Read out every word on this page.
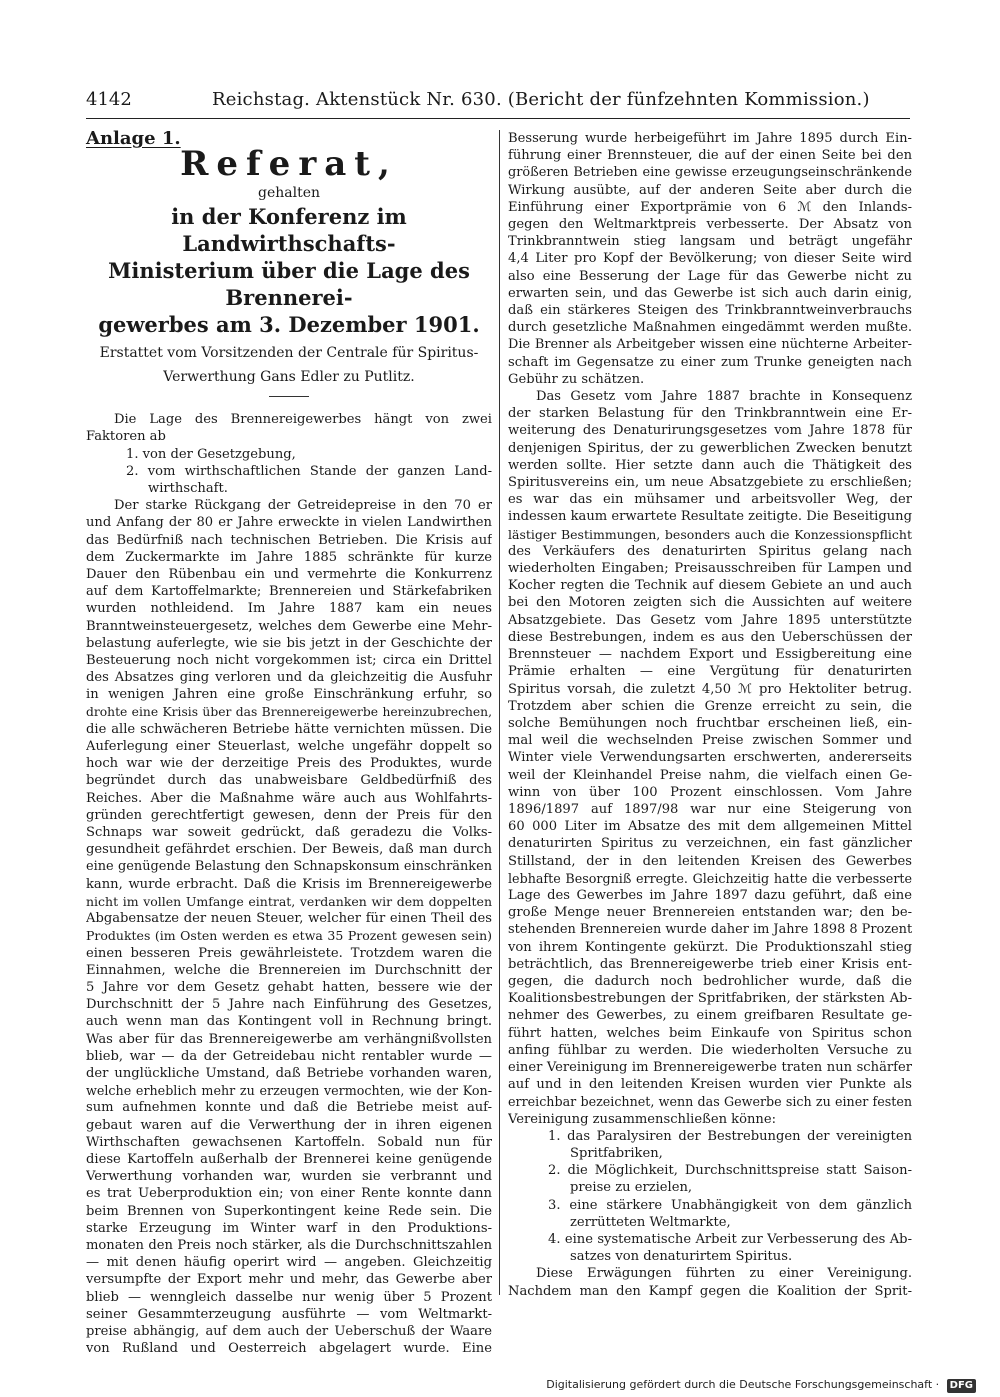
4142	Reichstag. Aktenstück Nr. 630. (Bericht der fünfzehnten Kommission.)
Anlage 1.
Referat,
gehalten
in der Konferenz im Landwirthschafts-
Ministerium über die Lage des Brennerei-
gewerbes am 3. Dezember 1901.
Erstattet vom Vorsitzenden der Centrale für Spiritus-
Verwerthung Gans Edler zu Putlitz.
Die Lage des Brennereigewerbes hängt von zwei
Faktoren ab
1. von der Gesetzgebung,
2. vom wirthschaftlichen Stande der ganzen Land-
wirthschaft.
Der starke Rückgang der Getreidepreise in den 70 er
und Anfang der 80 er Jahre erweckte in vielen Landwirthen
das Bedürfniß nach technischen Betrieben. Die Krisis auf
dem Zuckermarkte im Jahre 1885 schränkte für kurze
Dauer den Rübenbau ein und vermehrte die Konkurrenz
auf dem Kartoffelmarkte; Brennereien und Stärkefabriken
wurden nothleidend. Im Jahre 1887 kam ein neues
Branntweinsteuergesetz, welches dem Gewerbe eine Mehr-
belastung auferlegte, wie sie bis jetzt in der Geschichte der
Besteuerung noch nicht vorgekommen ist; circa ein Drittel
des Absatzes ging verloren und da gleichzeitig die Ausfuhr
in wenigen Jahren eine große Einschränkung erfuhr, so
drohte eine Krisis über das Brennereigewerbe hereinzubrechen,
die alle schwächeren Betriebe hätte vernichten müssen. Die
Auferlegung einer Steuerlast, welche ungefähr doppelt so
hoch war wie der derzeitige Preis des Produktes, wurde
begründet durch das unabweisbare Geldbedürfniß des
Reiches. Aber die Maßnahme wäre auch aus Wohlfahrts-
gründen gerechtfertigt gewesen, denn der Preis für den
Schnaps war soweit gedrückt, daß geradezu die Volks-
gesundheit gefährdet erschien. Der Beweis, daß man durch
eine genügende Belastung den Schnapskonsum einschränken
kann, wurde erbracht. Daß die Krisis im Brennereigewerbe
nicht im vollen Umfange eintrat, verdanken wir dem doppelten
Abgabensatze der neuen Steuer, welcher für einen Theil des
Produktes (im Osten werden es etwa 35 Prozent gewesen sein)
einen besseren Preis gewährleistete. Trotzdem waren die
Einnahmen, welche die Brennereien im Durchschnitt der
5 Jahre vor dem Gesetz gehabt hatten, bessere wie der
Durchschnitt der 5 Jahre nach Einführung des Gesetzes,
auch wenn man das Kontingent voll in Rechnung bringt.
Was aber für das Brennereigewerbe am verhängnißvollsten
blieb, war — da der Getreidebau nicht rentabler wurde —
der unglückliche Umstand, daß Betriebe vorhanden waren,
welche erheblich mehr zu erzeugen vermochten, wie der Kon-
sum aufnehmen konnte und daß die Betriebe meist auf-
gebaut waren auf die Verwerthung der in ihren eigenen
Wirthschaften gewachsenen Kartoffeln. Sobald nun für
diese Kartoffeln außerhalb der Brennerei keine genügende
Verwerthung vorhanden war, wurden sie verbrannt und
es trat Ueberproduktion ein; von einer Rente konnte dann
beim Brennen von Superkontingent keine Rede sein. Die
starke Erzeugung im Winter warf in den Produktions-
monaten den Preis noch stärker, als die Durchschnittszahlen
— mit denen häufig operirt wird — angeben. Gleichzeitig
versumpfte der Export mehr und mehr, das Gewerbe aber
blieb — wenngleich dasselbe nur wenig über 5 Prozent
seiner Gesammterzeugung ausführte — vom Weltmarkt-
preise abhängig, auf dem auch der Ueberschuß der Waare
von Rußland und Oesterreich abgelagert wurde. Eine
Besserung wurde herbeigeführt im Jahre 1895 durch Ein-
führung einer Brennsteuer, die auf der einen Seite bei den
größeren Betrieben eine gewisse erzeugungseinschränkende
Wirkung ausübte, auf der anderen Seite aber durch die
Einführung einer Exportprämie von 6 ℳ den Inlands-
gegen den Weltmarktpreis verbesserte. Der Absatz von
Trinkbranntwein stieg langsam und beträgt ungefähr
4,4 Liter pro Kopf der Bevölkerung; von dieser Seite wird
also eine Besserung der Lage für das Gewerbe nicht zu
erwarten sein, und das Gewerbe ist sich auch darin einig,
daß ein stärkeres Steigen des Trinkbranntweinverbrauchs
durch gesetzliche Maßnahmen eingedämmt werden mußte.
Die Brenner als Arbeitgeber wissen eine nüchterne Arbeiter-
schaft im Gegensatze zu einer zum Trunke geneigten nach
Gebühr zu schätzen.
Das Gesetz vom Jahre 1887 brachte in Konsequenz
der starken Belastung für den Trinkbranntwein eine Er-
weiterung des Denaturirungsgesetzes vom Jahre 1878 für
denjenigen Spiritus, der zu gewerblichen Zwecken benutzt
werden sollte. Hier setzte dann auch die Thätigkeit des
Spiritusvereins ein, um neue Absatzgebiete zu erschließen;
es war das ein mühsamer und arbeitsvoller Weg, der
indessen kaum erwartete Resultate zeitigte. Die Beseitigung
lästiger Bestimmungen, besonders auch die Konzessionspflicht
des Verkäufers des denaturirten Spiritus gelang nach
wiederholten Eingaben; Preisausschreiben für Lampen und
Kocher regten die Technik auf diesem Gebiete an und auch
bei den Motoren zeigten sich die Aussichten auf weitere
Absatzgebiete. Das Gesetz vom Jahre 1895 unterstützte
diese Bestrebungen, indem es aus den Ueberschüssen der
Brennsteuer — nachdem Export und Essigbereitung eine
Prämie erhalten — eine Vergütung für denaturirten
Spiritus vorsah, die zuletzt 4,50 ℳ pro Hektoliter betrug.
Trotzdem aber schien die Grenze erreicht zu sein, die
solche Bemühungen noch fruchtbar erscheinen ließ, ein-
mal weil die wechselnden Preise zwischen Sommer und
Winter viele Verwendungsarten erschwerten, andererseits
weil der Kleinhandel Preise nahm, die vielfach einen Ge-
winn von über 100 Prozent einschlossen. Vom Jahre
1896/1897 auf 1897/98 war nur eine Steigerung von
60 000 Liter im Absatze des mit dem allgemeinen Mittel
denaturirten Spiritus zu verzeichnen, ein fast gänzlicher
Stillstand, der in den leitenden Kreisen des Gewerbes
lebhafte Besorgniß erregte. Gleichzeitig hatte die verbesserte
Lage des Gewerbes im Jahre 1897 dazu geführt, daß eine
große Menge neuer Brennereien entstanden war; den be-
stehenden Brennereien wurde daher im Jahre 1898 8 Prozent
von ihrem Kontingente gekürzt. Die Produktionszahl stieg
beträchtlich, das Brennereigewerbe trieb einer Krisis ent-
gegen, die dadurch noch bedrohlicher wurde, daß die
Koalitionsbestrebungen der Spritfabriken, der stärksten Ab-
nehmer des Gewerbes, zu einem greifbaren Resultate ge-
führt hatten, welches beim Einkaufe von Spiritus schon
anfing fühlbar zu werden. Die wiederholten Versuche zu
einer Vereinigung im Brennereigewerbe traten nun schärfer
auf und in den leitenden Kreisen wurden vier Punkte als
erreichbar bezeichnet, wenn das Gewerbe sich zu einer festen
Vereinigung zusammenschließen könne:
1. das Paralysiren der Bestrebungen der vereinigten
Spritfabriken,
2. die Möglichkeit, Durchschnittspreise statt Saison-
preise zu erzielen,
3. eine stärkere Unabhängigkeit von dem gänzlich
zerrütteten Weltmarkte,
4. eine systematische Arbeit zur Verbesserung des Ab-
satzes von denaturirtem Spiritus.
Diese Erwägungen führten zu einer Vereinigung.
Nachdem man den Kampf gegen die Koalition der Sprit-
Digitalisierung gefördert durch die Deutsche Forschungsgemeinschaft · DFG
